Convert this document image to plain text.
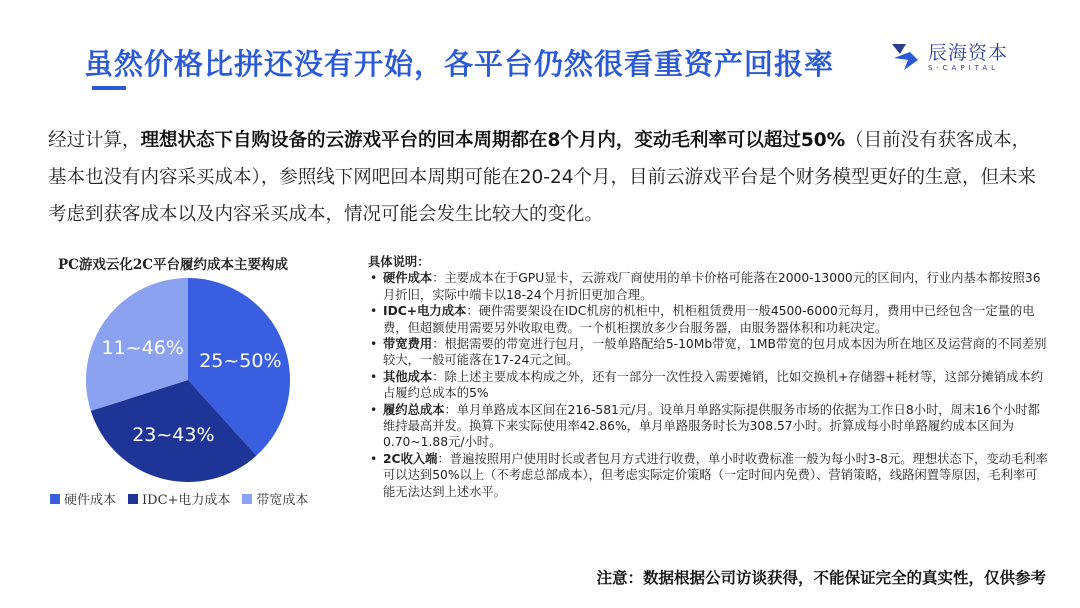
虽然价格比拼还没有开始，各平台仍然很看重资产回报率	辰海资本
S·CAPITAL
经过计算，理想状态下自购设备的云游戏平台的回本周期都在8个月内，变动毛利率可以超过50%（目前没有获客成本，基本也没有内容采买成本），参照线下网吧回本周期可能在20-24个月，目前云游戏平台是个财务模型更好的生意，但未来考虑到获客成本以及内容采买成本，情况可能会发生比较大的变化。
PC游戏云化2C平台履约成本主要构成
25~50%
23~43%
11~46%
硬件成本 IDC+电力成本 带宽成本
具体说明：
• 硬件成本：主要成本在于GPU显卡，云游戏厂商使用的单卡价格可能落在2000-13000元的区间内，行业内基本都按照36月折旧，实际中端卡以18-24个月折旧更加合理。
• IDC+电力成本：硬件需要架设在IDC机房的机柜中，机柜租赁费用一般4500-6000元每月，费用中已经包含一定量的电费，但超额使用需要另外收取电费。一个机柜摆放多少台服务器，由服务器体积和功耗决定。
• 带宽费用：根据需要的带宽进行包月，一般单路配给5-10Mb带宽，1MB带宽的包月成本因为所在地区及运营商的不同差别较大，一般可能落在17-24元之间。
• 其他成本：除上述主要成本构成之外，还有一部分一次性投入需要摊销，比如交换机+存储器+耗材等，这部分摊销成本约占履约总成本的5%
• 履约总成本：单月单路成本区间在216-581元/月。设单月单路实际提供服务市场的依据为工作日8小时，周末16个小时都维持最高并发。换算下来实际使用率42.86%，单月单路服务时长为308.57小时。折算成每小时单路履约成本区间为0.70~1.88元/小时。
• 2C收入端：普遍按照用户使用时长或者包月方式进行收费，单小时收费标准一般为每小时3-8元。理想状态下，变动毛利率可以达到50%以上（不考虑总部成本），但考虑实际定价策略（一定时间内免费）、营销策略，线路闲置等原因，毛利率可能无法达到上述水平。
注意：数据根据公司访谈获得，不能保证完全的真实性，仅供参考
